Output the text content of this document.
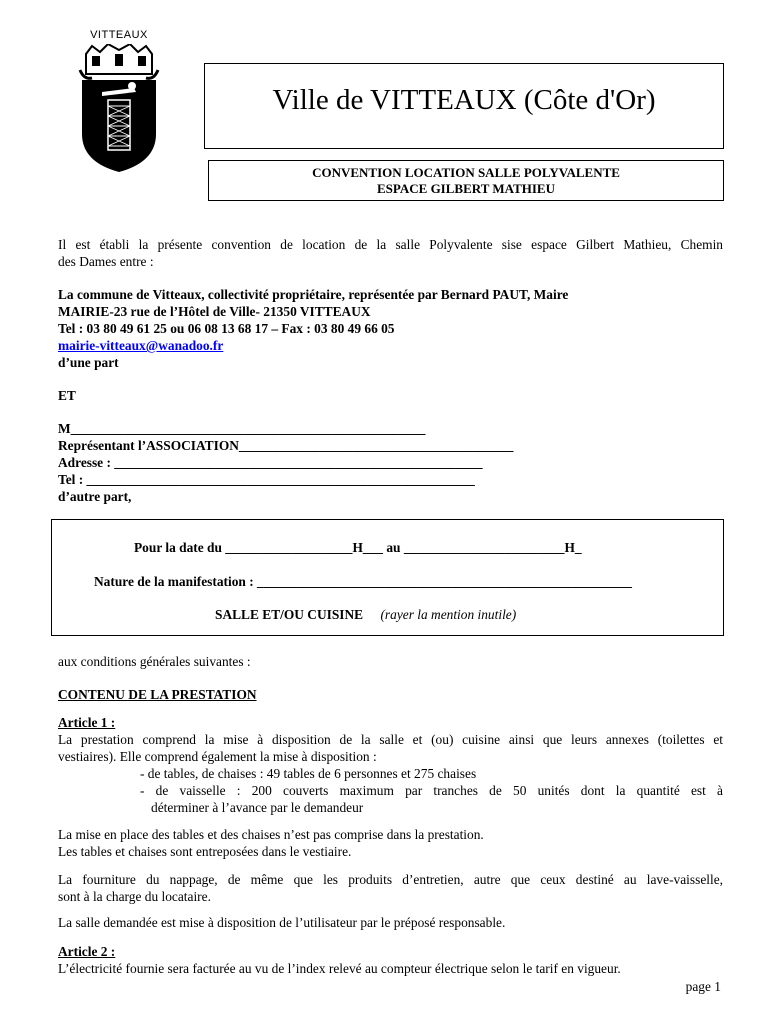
VITTEAUX
Ville de VITTEAUX (Côte d'Or)
CONVENTION LOCATION SALLE POLYVALENTE
ESPACE GILBERT MATHIEU
Il est établi la présente convention de location de la salle Polyvalente sise espace Gilbert Mathieu, Chemin
des Dames entre :
La commune de Vitteaux, collectivité propriétaire, représentée par Bernard PAUT, Maire
MAIRIE-23 rue de l’Hôtel de Ville- 21350 VITTEAUX
Tel : 03 80 49 61 25 ou 06 08 13 68 17 – Fax : 03 80 49 66 05
mairie-vitteaux@wanadoo.fr
d’une part
ET
M_____________________________________________________
Représentant l’ASSOCIATION_________________________________________
Adresse : _______________________________________________________
Tel : __________________________________________________________
d’autre part,
Pour la date du ___________________H___ au ________________________H_
Nature de la manifestation : ________________________________________________________
SALLE ET/OU CUISINE (rayer la mention inutile)
aux conditions générales suivantes :
CONTENU DE LA PRESTATION
Article 1 :
La prestation comprend la mise à disposition de la salle et (ou) cuisine ainsi que leurs annexes (toilettes et
vestiaires). Elle comprend également la mise à disposition :
- de tables, de chaises : 49 tables de 6 personnes et 275 chaises
- de vaisselle : 200 couverts maximum par tranches de 50 unités dont la quantité est à
déterminer à l’avance par le demandeur
La mise en place des tables et des chaises n’est pas comprise dans la prestation.
Les tables et chaises sont entreposées dans le vestiaire.
La fourniture du nappage, de même que les produits d’entretien, autre que ceux destiné au lave-vaisselle,
sont à la charge du locataire.
La salle demandée est mise à disposition de l’utilisateur par le préposé responsable.
Article 2 :
L’électricité fournie sera facturée au vu de l’index relevé au compteur électrique selon le tarif en vigueur.
page 1
